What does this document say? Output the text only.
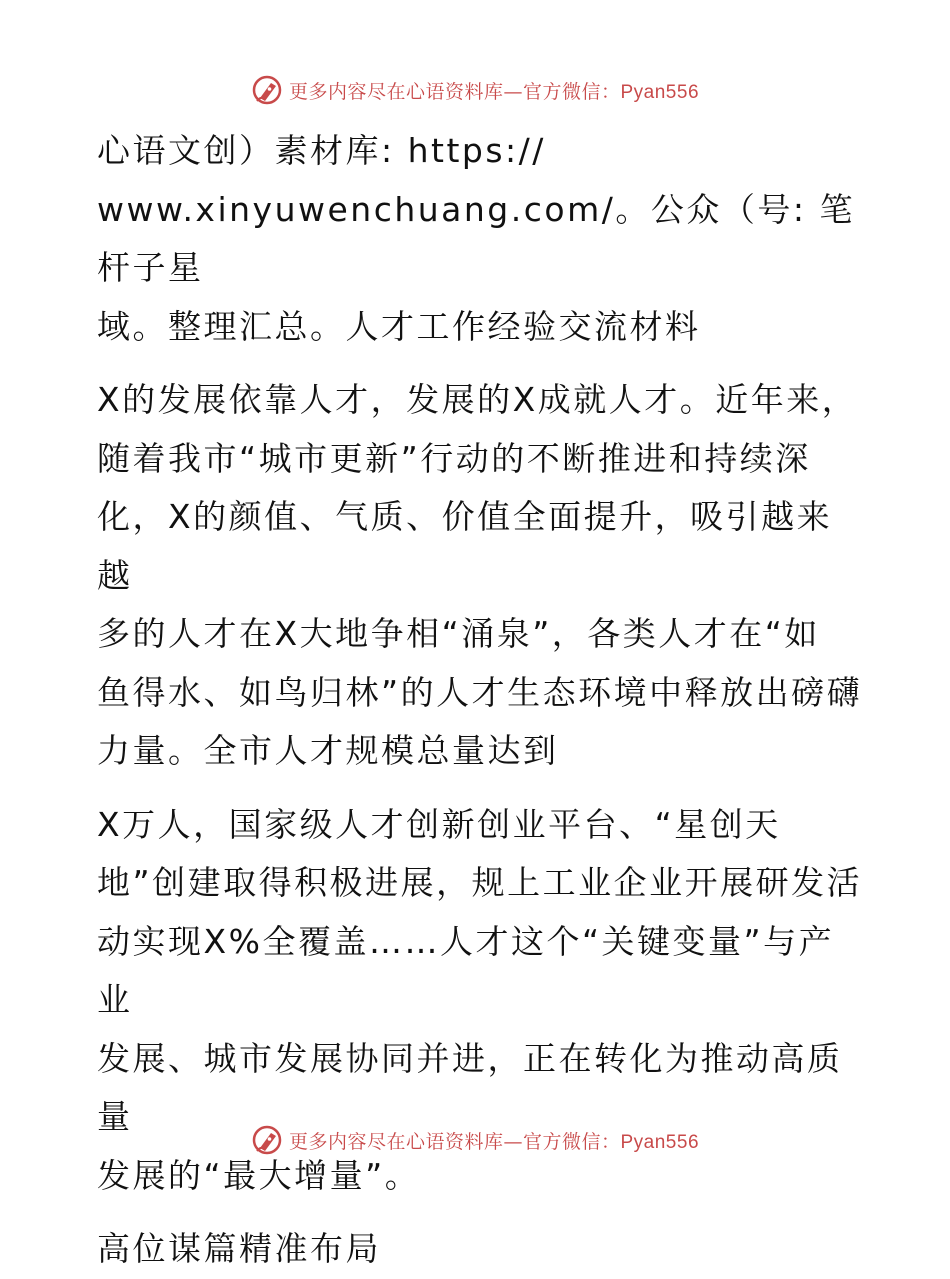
更多内容尽在心语资料库—官方微信：Pyan556

心语文创）素材库: https://
www.xinyuwenchuang.com/。公众（号: 笔杆子星
域。整理汇总。人才工作经验交流材料

X的发展依靠人才，发展的X成就人才。近年来，
随着我市“城市更新”行动的不断推进和持续深
化，X的颜值、气质、价值全面提升，吸引越来越
多的人才在X大地争相“涌泉”，各类人才在“如
鱼得水、如鸟归林”的人才生态环境中释放出磅礴
力量。全市人才规模总量达到

X万人，国家级人才创新创业平台、“星创天
地”创建取得积极进展，规上工业企业开展研发活
动实现X%全覆盖……人才这个“关键变量”与产业
发展、城市发展协同并进，正在转化为推动高质量
发展的“最大增量”。

高位谋篇精准布局

更多内容尽在心语资料库—官方微信：Pyan556
